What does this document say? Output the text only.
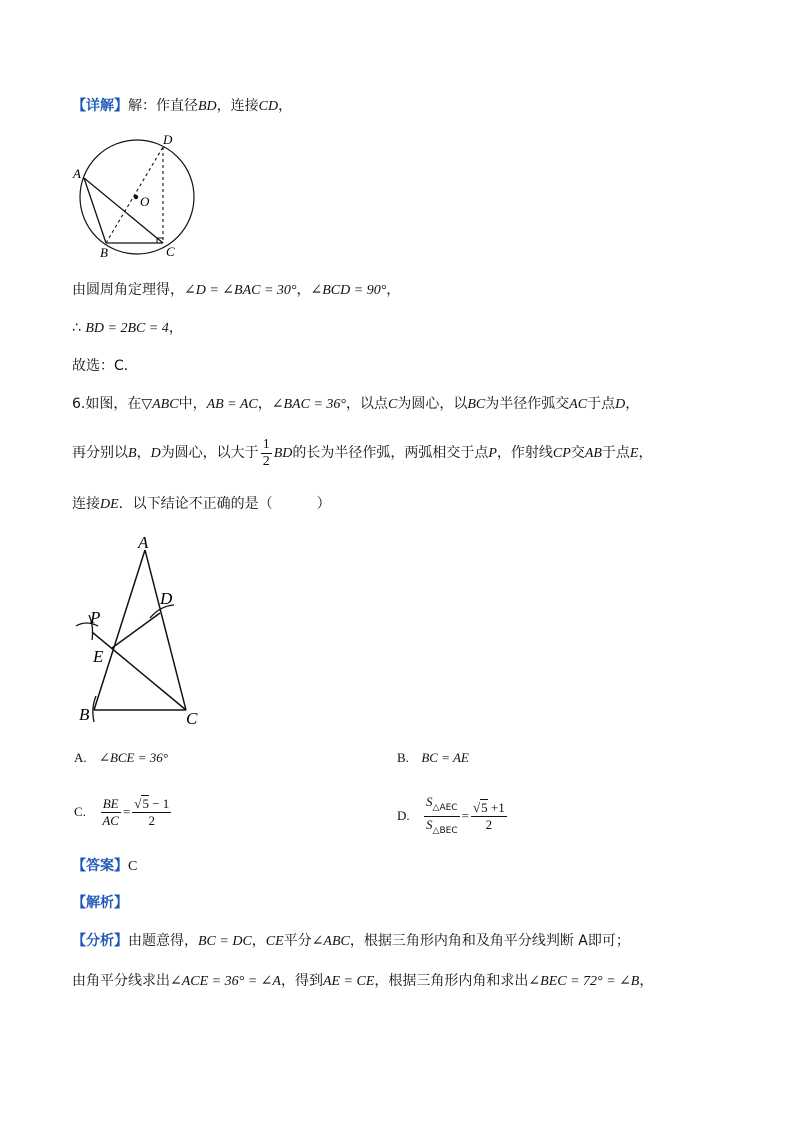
【详解】解：作直径BD，连接CD，
A
B	C
D
O
由圆周角定理得，∠D = ∠BAC = 30°，∠BCD = 90°，
∴ BD = 2BC = 4，
故选：C．
6.如图，在▽ABC中，AB = AC，∠BAC = 36°，以点C为圆心，以BC为半径作弧交AC于点D，
再分别以B，D为圆心，以大于 $\frac{1}{2}$ BD的长为半径作弧，两弧相交于点P，作射线CP交AB于点E，
连接DE．以下结论不正确的是（	）
A
B	C
D
E
P
A. ∠BCE = 36°	B. BC = AE
C. $\frac{BE}{AC} = \frac{√5 - 1}{2}$	D. $\frac{S_{\triangle AEC}}{S_{\triangle BEC}} = \frac{√5 +1}{2}$
【答案】C
【解析】
【分析】由题意得，BC = DC，CE平分∠ABC，根据三角形内角和及角平分线判断 A即可；
由角平分线求出∠ACE = 36° = ∠A，得到AE = CE，根据三角形内角和求出∠BEC = 72° = ∠B，
